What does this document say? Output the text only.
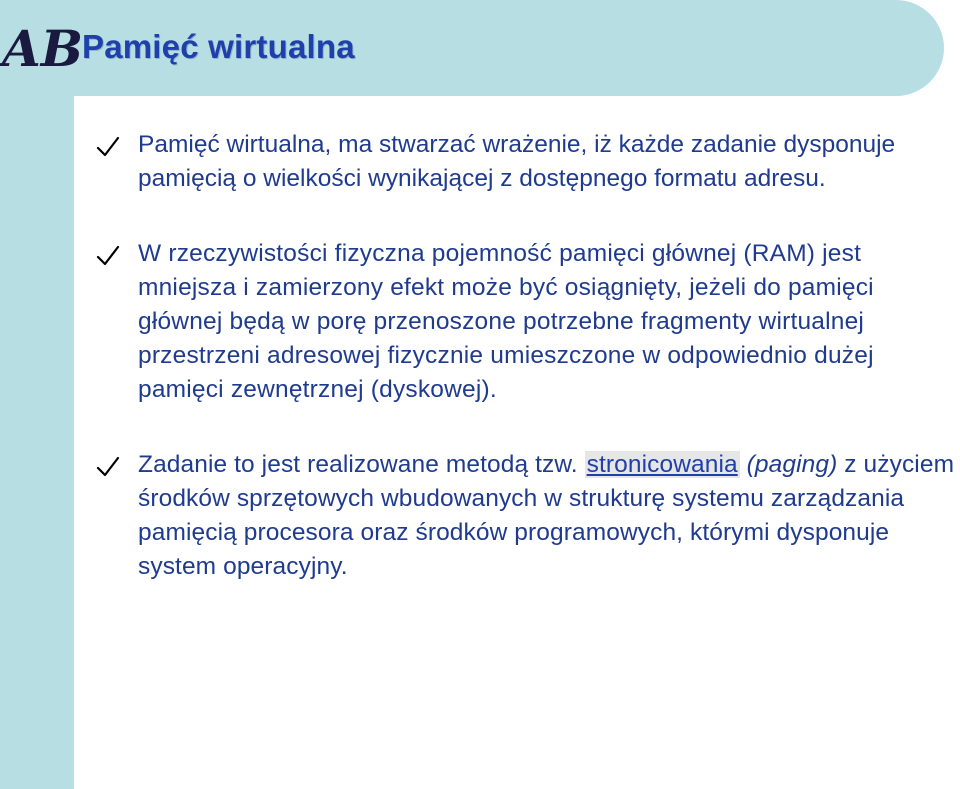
AB
Pamięć wirtualna
Pamięć wirtualna, ma stwarzać wrażenie, iż każde zadanie dysponuje pamięcią o wielkości wynikającej z dostępnego formatu adresu.
W rzeczywistości fizyczna pojemność pamięci głównej (RAM) jest mniejsza i zamierzony efekt może być osiągnięty, jeżeli do pamięci głównej będą w porę przenoszone potrzebne fragmenty wirtualnej przestrzeni adresowej fizycznie umieszczone w odpowiednio dużej pamięci zewnętrznej (dyskowej).
Zadanie to jest realizowane metodą tzw. stronicowania (paging) z użyciem środków sprzętowych wbudowanych w strukturę systemu zarządzania pamięcią procesora oraz środków programowych, którymi dysponuje system operacyjny.
